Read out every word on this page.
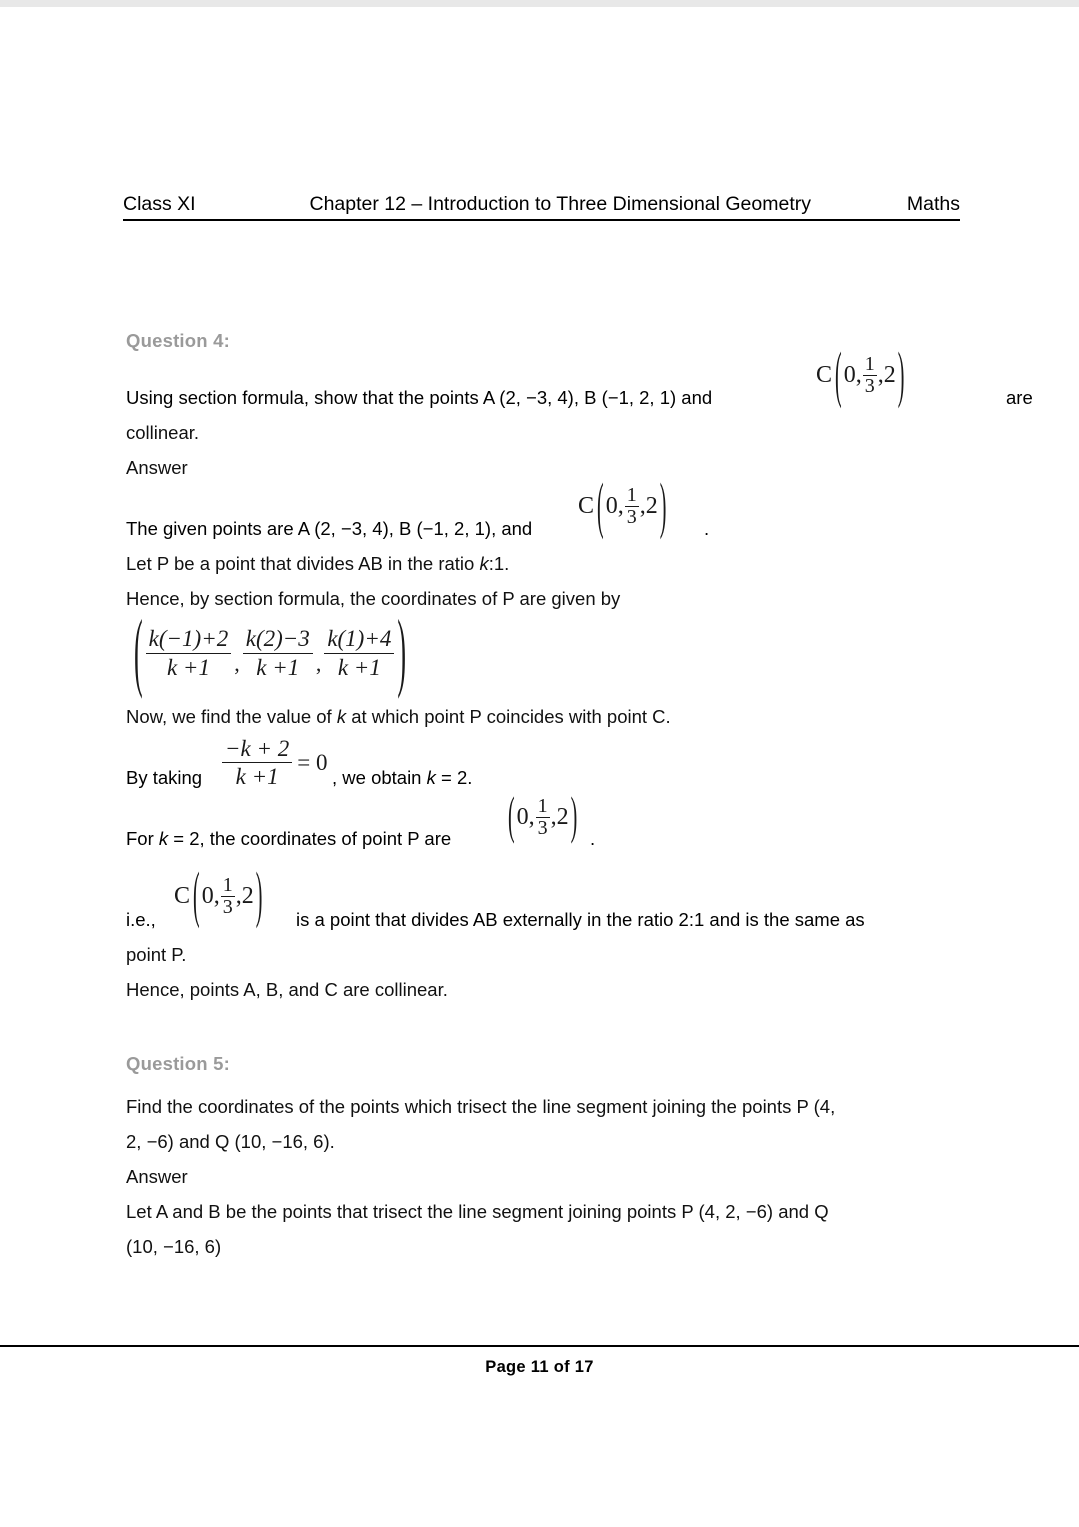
Class XI	Chapter 12 – Introduction to Three Dimensional Geometry	Maths
Question 4:
Using section formula, show that the points A (2, −3, 4), B (−1, 2, 1) and
C ( 0 , $\frac{1}{3}$ , 2 )	are
collinear.
Answer
The given points are A (2, −3, 4), B (−1, 2, 1), and
C ( 0 , $\frac{1}{3}$ , 2 ) .
Let P be a point that divides AB in the ratio k:1.
Hence, by section formula, the coordinates of P are given by
( $\frac{k(-1)+2}{k +1}$ , $\frac{k(2)-3}{k +1}$ , $\frac{k(1)+4}{k +1}$ )
Now, we find the value of k at which point P coincides with point C.
By taking $\frac{-k + 2}{k +1} = 0$
, we obtain k = 2.
For k = 2, the coordinates of point P are	( 0 , $\frac{1}{3}$ , 2 ) .
i.e.,
C ( 0 , $\frac{1}{3}$ , 2 ) is a point that divides AB externally in the ratio 2:1 and is the same as
point P.
Hence, points A, B, and C are collinear.
Question 5:
Find the coordinates of the points which trisect the line segment joining the points P (4,
2, −6) and Q (10, −16, 6).
Answer
Let A and B be the points that trisect the line segment joining points P (4, 2, −6) and Q
(10, −16, 6)
Page 11 of 17
